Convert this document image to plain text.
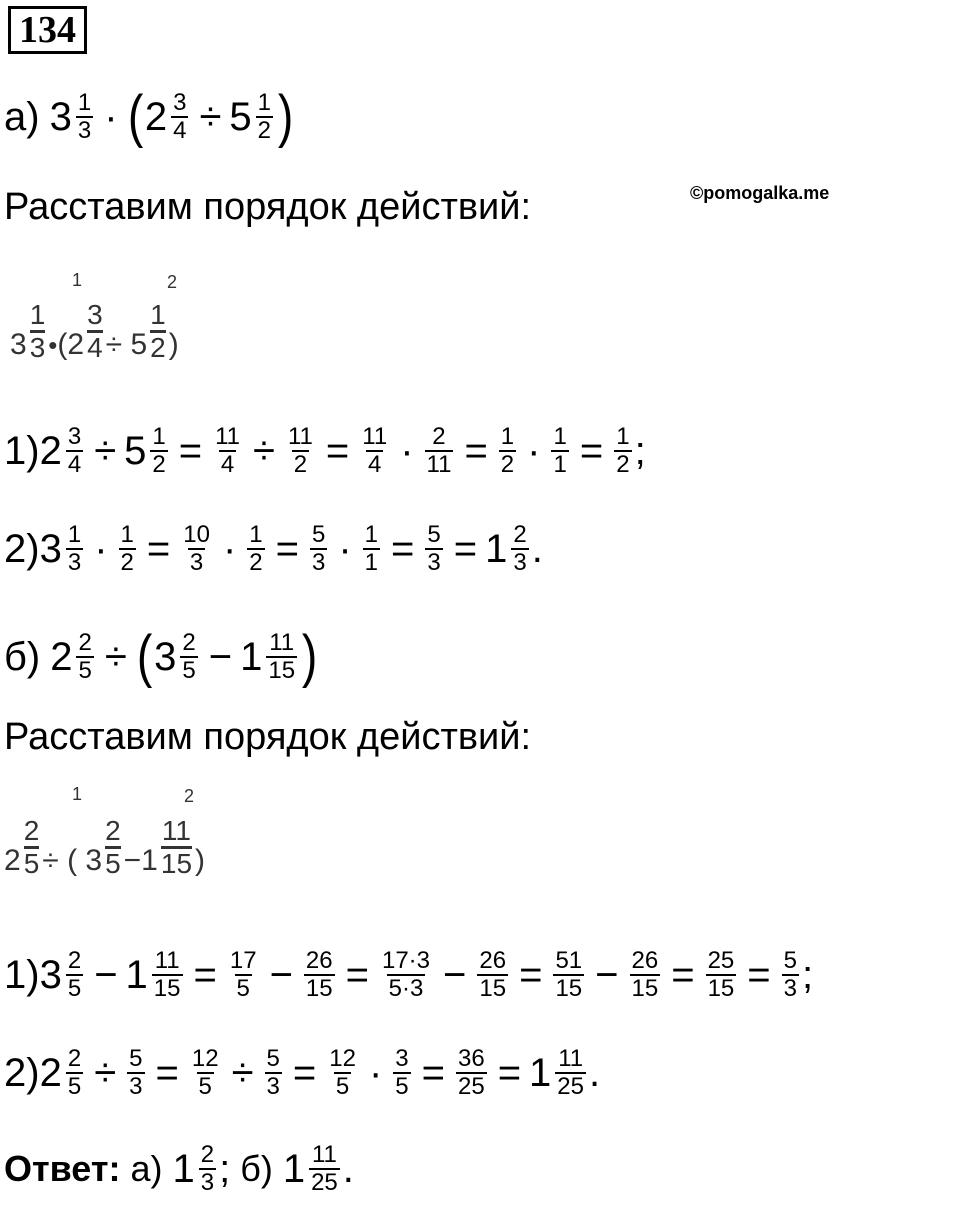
134
©pomogalka.me
а) 3 1
3 · ( $2 \frac{3}{4} \div 5$ 1
2 )
Расставим порядок действий:
3
1
3 • ($2 \frac{3}{4} \div 5$
1
2 )
1	2
1) $2 \frac{3}{4} \div 5 \frac{1}{2} = \frac{11}{4} \div \frac{11}{2} = \frac{11}{4} \cdot \frac{2}{11} = \frac{1}{2} \cdot \frac{1}{1} = \frac{1}{2}$ ;
2) 3 1
$3 \cdot \frac{1}{2} = \frac{10}{3} \cdot \frac{1}{2} = \frac{5}{3} \cdot \frac{1}{1} = \frac{5}{3} = 1$ 2
3 .
б) $2 \frac{2}{5}$ ÷ ( 3 2
5 − 1 11
15 )
Расставим порядок действий:
$2 \frac{2}{5}$ ÷ ( 3
2
5 −1
11
15 )
1	2
1) 3 2
$5 - 1 \frac{11}{15} = \frac{17}{5} - \frac{26}{15} = \frac{17\cdot 3}{5\cdot 3} - \frac{26}{15} = \frac{51}{15} - \frac{26}{15} = \frac{25}{15} = \frac{5}{3}$ ;
2) $2 \frac{2}{5} \div \frac{5}{3} = \frac{12}{5} \div \frac{5}{3} = \frac{12}{5} \cdot \frac{3}{5} = \frac{36}{25} = 1$ 11
25 .
Ответ: а) 1 2
3 ; б) 1 11
25 .
